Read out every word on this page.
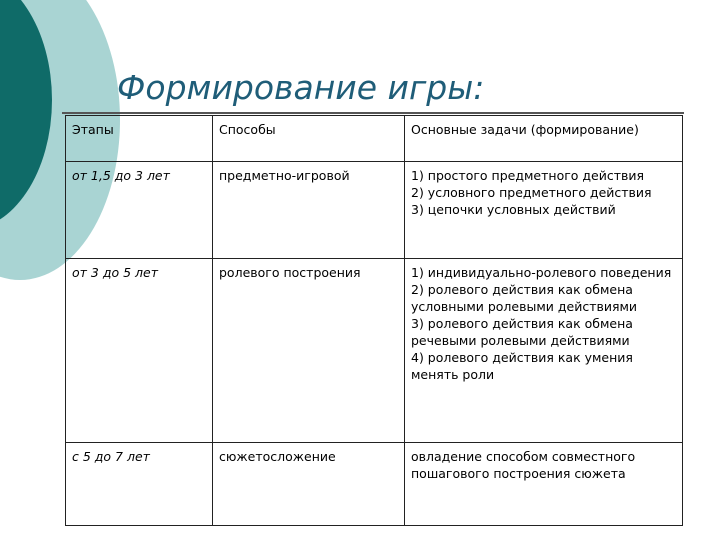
Формирование игры:
Этапы	Способы	Основные задачи (формирование)
от 1,5 до 3 лет	предметно-игровой	1) простого предметного действия
2) условного предметного действия
3) цепочки условных действий

от 3 до 5 лет	ролевого построения	1) индивидуально-ролевого поведения
2) ролевого действия как обмена условными ролевыми действиями
3) ролевого действия как обмена речевыми ролевыми действиями
4) ролевого действия как умения менять роли

с 5 до 7 лет	сюжетосложение	овладение способом совместного пошагового построения сюжета
